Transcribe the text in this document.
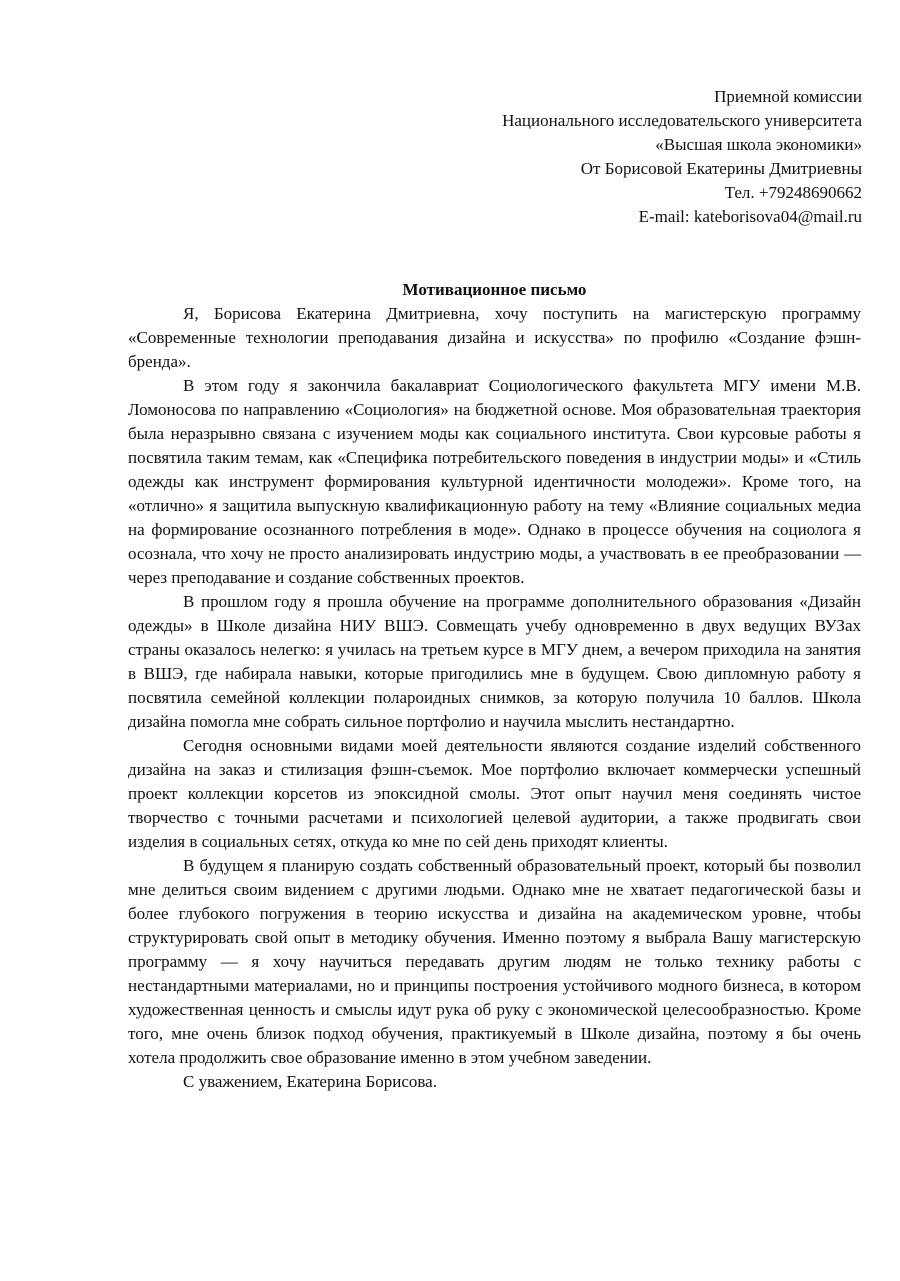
Приемной комиссии
Национального исследовательского университета
«Высшая школа экономики»
От Борисовой Екатерины Дмитриевны
Тел. +79248690662
E-mail: kateborisova04@mail.ru
Мотивационное письмо

Я, Борисова Екатерина Дмитриевна, хочу поступить на магистерскую программу «Современные технологии преподавания дизайна и искусства» по профилю «Создание фэшн-бренда».

В этом году я закончила бакалавриат Социологического факультета МГУ имени М.В. Ломоносова по направлению «Социология» на бюджетной основе. Моя образовательная траектория была неразрывно связана с изучением моды как социального института. Свои курсовые работы я посвятила таким темам, как «Специфика потребительского поведения в индустрии моды» и «Стиль одежды как инструмент формирования культурной идентичности молодежи». Кроме того, на «отлично» я защитила выпускную квалификационную работу на тему «Влияние социальных медиа на формирование осознанного потребления в моде». Однако в процессе обучения на социолога я осознала, что хочу не просто анализировать индустрию моды, а участвовать в ее преобразовании — через преподавание и создание собственных проектов.

В прошлом году я прошла обучение на программе дополнительного образования «Дизайн одежды» в Школе дизайна НИУ ВШЭ. Совмещать учебу одновременно в двух ведущих ВУЗах страны оказалось нелегко: я училась на третьем курсе в МГУ днем, а вечером приходила на занятия в ВШЭ, где набирала навыки, которые пригодились мне в будущем. Свою дипломную работу я посвятила семейной коллекции полароидных снимков, за которую получила 10 баллов. Школа дизайна помогла мне собрать сильное портфолио и научила мыслить нестандартно.

Сегодня основными видами моей деятельности являются создание изделий собственного дизайна на заказ и стилизация фэшн-съемок. Мое портфолио включает коммерчески успешный проект коллекции корсетов из эпоксидной смолы. Этот опыт научил меня соединять чистое творчество с точными расчетами и психологией целевой аудитории, а также продвигать свои изделия в социальных сетях, откуда ко мне по сей день приходят клиенты.

В будущем я планирую создать собственный образовательный проект, который бы позволил мне делиться своим видением с другими людьми. Однако мне не хватает педагогической базы и более глубокого погружения в теорию искусства и дизайна на академическом уровне, чтобы структурировать свой опыт в методику обучения. Именно поэтому я выбрала Вашу магистерскую программу — я хочу научиться передавать другим людям не только технику работы с нестандартными материалами, но и принципы построения устойчивого модного бизнеса, в котором художественная ценность и смыслы идут рука об руку с экономической целесообразностью. Кроме того, мне очень близок подход обучения, практикуемый в Школе дизайна, поэтому я бы очень хотела продолжить свое образование именно в этом учебном заведении.

С уважением, Екатерина Борисова.
